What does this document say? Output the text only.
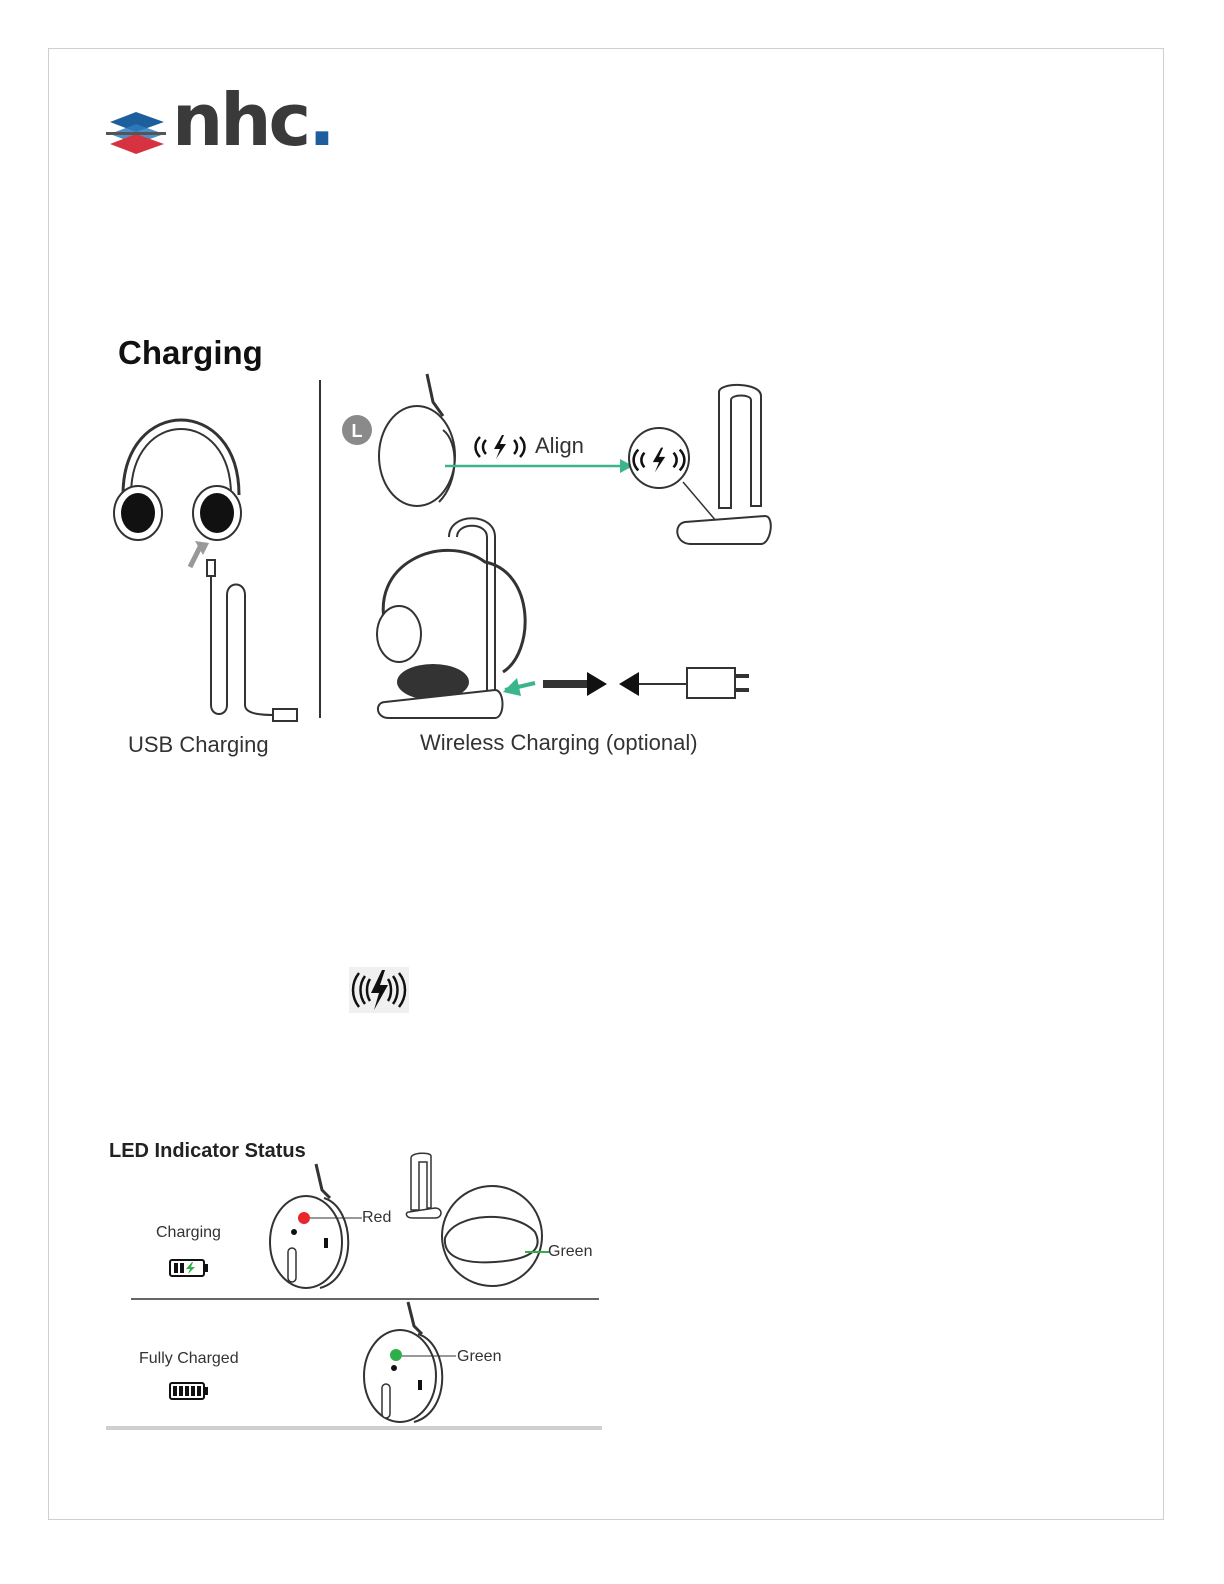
nhc.
Charging
USB Charging
L
Align
Wireless Charging (optional)
LED Indicator Status
Charging
Red
Green
Fully Charged	Green
